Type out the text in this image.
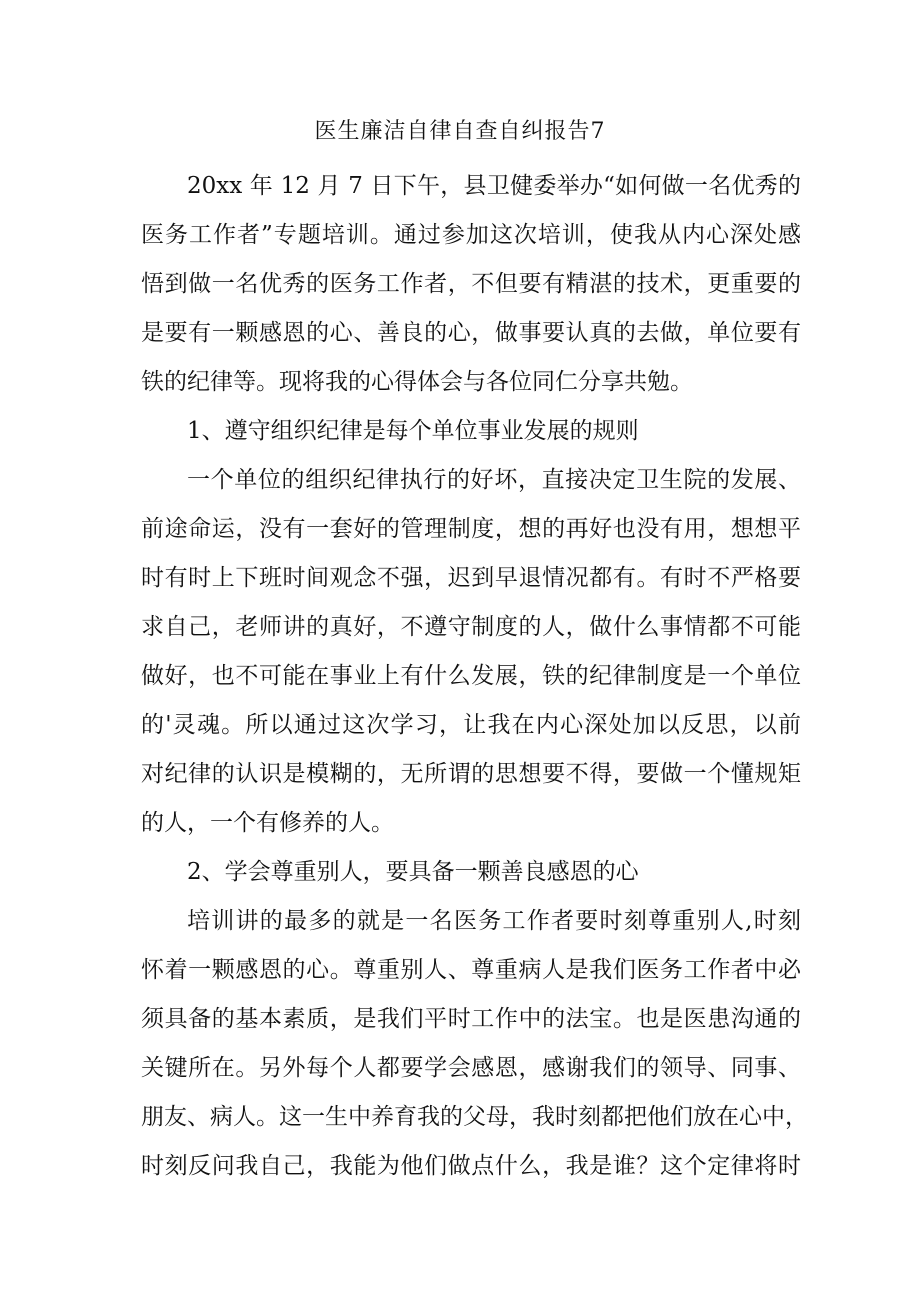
医生廉洁自律自查自纠报告7
20xx 年 12 月 7 日下午，县卫健委举办“如何做一名优秀的
医务工作者”专题培训。通过参加这次培训，使我从内心深处感
悟到做一名优秀的医务工作者，不但要有精湛的技术，更重要的
是要有一颗感恩的心、善良的心，做事要认真的去做，单位要有
铁的纪律等。现将我的心得体会与各位同仁分享共勉。
1、遵守组织纪律是每个单位事业发展的规则
一个单位的组织纪律执行的好坏，直接决定卫生院的发展、
前途命运，没有一套好的管理制度，想的再好也没有用，想想平
时有时上下班时间观念不强，迟到早退情况都有。有时不严格要
求自己，老师讲的真好，不遵守制度的人，做什么事情都不可能
做好，也不可能在事业上有什么发展，铁的纪律制度是一个单位
的'灵魂。所以通过这次学习，让我在内心深处加以反思，以前
对纪律的认识是模糊的，无所谓的思想要不得，要做一个懂规矩
的人，一个有修养的人。
2、学会尊重别人，要具备一颗善良感恩的心
培训讲的最多的就是一名医务工作者要时刻尊重别人,时刻
怀着一颗感恩的心。尊重别人、尊重病人是我们医务工作者中必
须具备的基本素质，是我们平时工作中的法宝。也是医患沟通的
关键所在。另外每个人都要学会感恩，感谢我们的领导、同事、
朋友、病人。这一生中养育我的父母，我时刻都把他们放在心中，
时刻反问我自己，我能为他们做点什么，我是谁？这个定律将时
